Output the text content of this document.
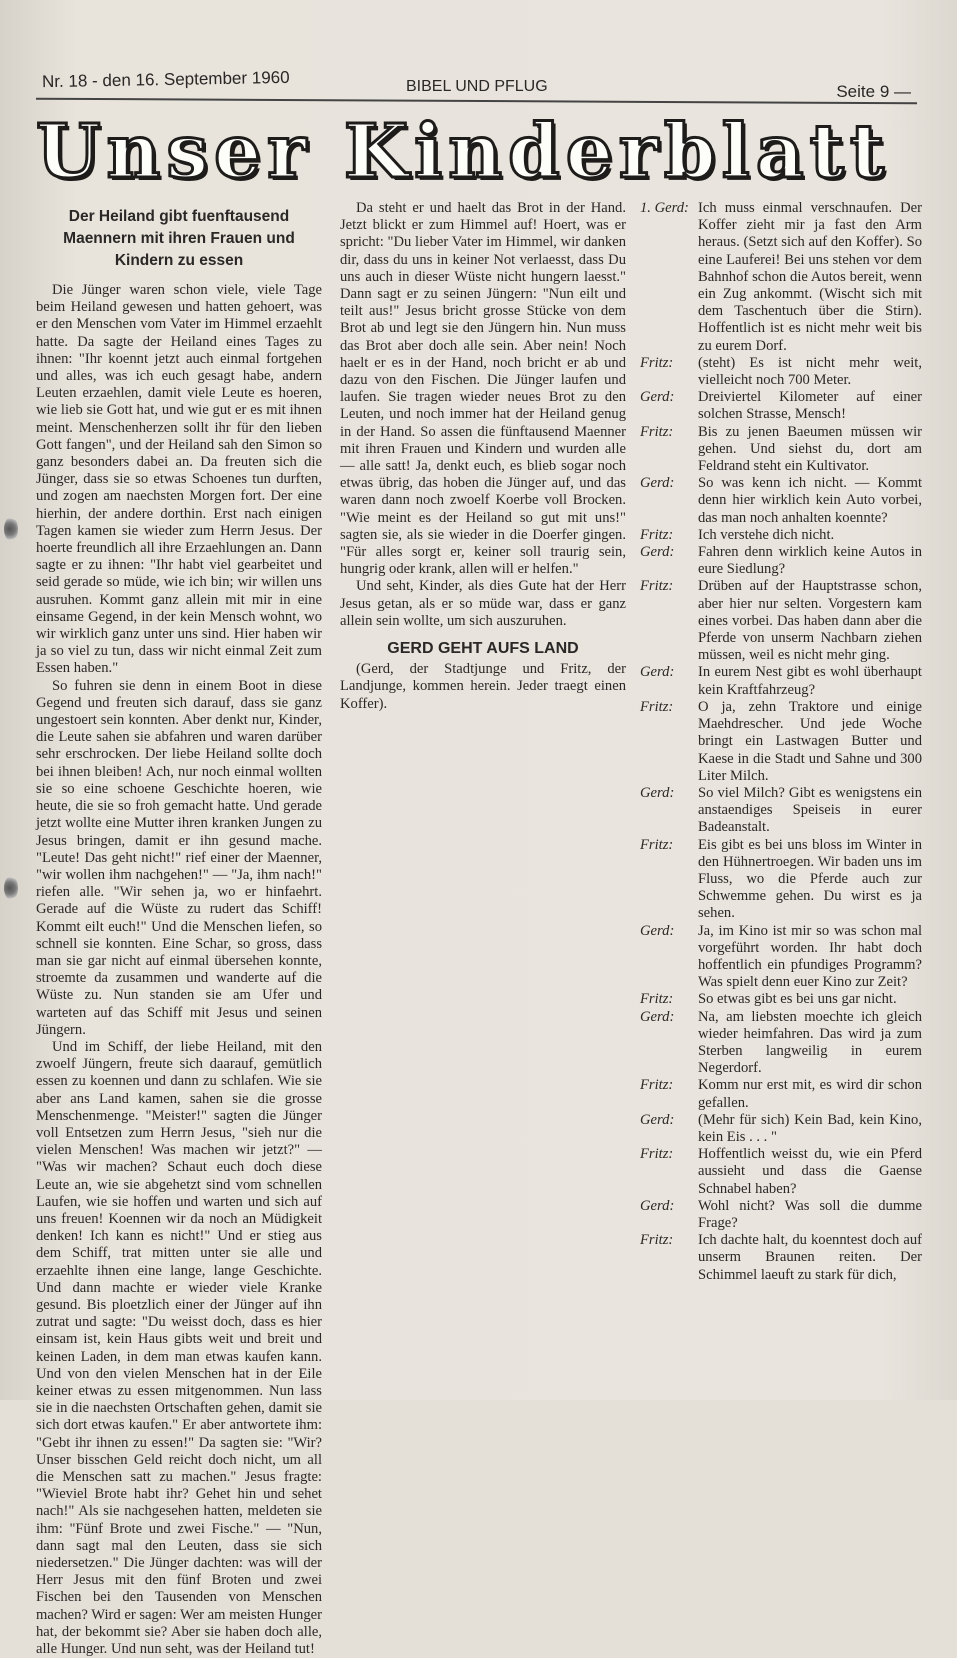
Nr. 18 - den 16. September 1960	BIBEL UND PFLUG	Seite 9 —
Unser Kinderblatt
Der Heiland gibt fuenftausend Maennern mit ihren Frauen und Kindern zu essen

Die Jünger waren schon viele, viele Tage beim Heiland gewesen und hatten gehoert, was er den Menschen vom Vater im Himmel erzaehlt hatte. Da sagte der Heiland eines Tages zu ihnen: "Ihr koennt jetzt auch einmal fortgehen und alles, was ich euch gesagt habe, andern Leuten erzaehlen, damit viele Leute es hoeren, wie lieb sie Gott hat, und wie gut er es mit ihnen meint. Menschenherzen sollt ihr für den lieben Gott fangen", und der Heiland sah den Simon so ganz besonders dabei an. Da freuten sich die Jünger, dass sie so etwas Schoenes tun durften, und zogen am naechsten Morgen fort. Der eine hierhin, der andere dorthin. Erst nach einigen Tagen kamen sie wieder zum Herrn Jesus. Der hoerte freundlich all ihre Erzaehlungen an. Dann sagte er zu ihnen: "Ihr habt viel gearbeitet und seid gerade so müde, wie ich bin; wir willen uns ausruhen. Kommt ganz allein mit mir in eine einsame Gegend, in der kein Mensch wohnt, wo wir wirklich ganz unter uns sind. Hier haben wir ja so viel zu tun, dass wir nicht einmal Zeit zum Essen haben."

So fuhren sie denn in einem Boot in diese Gegend und freuten sich darauf, dass sie ganz ungestoert sein konnten. Aber denkt nur, Kinder, die Leute sahen sie abfahren und waren darüber sehr erschrocken. Der liebe Heiland sollte doch bei ihnen bleiben! Ach, nur noch einmal wollten sie so eine schoene Geschichte hoeren, wie heute, die sie so froh gemacht hatte. Und gerade jetzt wollte eine Mutter ihren kranken Jungen zu Jesus bringen, damit er ihn gesund mache. "Leute! Das geht nicht!" rief einer der Maenner, "wir wollen ihm nachgehen!" — "Ja, ihm nach!" riefen alle. "Wir sehen ja, wo er hinfaehrt. Gerade auf die Wüste zu rudert das Schiff! Kommt eilt euch!" Und die Menschen liefen, so schnell sie konnten. Eine Schar, so gross, dass man sie gar nicht auf einmal übersehen konnte, stroemte da zusammen und wanderte auf die Wüste zu. Nun standen sie am Ufer und warteten auf das Schiff mit Jesus und seinen Jüngern.

Und im Schiff, der liebe Heiland, mit den zwoelf Jüngern, freute sich daarauf, gemütlich essen zu koennen und dann zu schlafen. Wie sie aber ans Land kamen, sahen sie die grosse Menschenmenge. "Meister!" sagten die Jünger voll Entsetzen zum Herrn Jesus, "sieh nur die vielen Menschen! Was machen wir jetzt?" — "Was wir machen? Schaut euch doch diese Leute an, wie sie abgehetzt sind vom schnellen Laufen, wie sie hoffen und warten und sich auf uns freuen! Koennen wir da noch an Müdigkeit denken! Ich kann es nicht!" Und er stieg aus dem Schiff, trat mitten unter sie alle und erzaehlte ihnen eine lange, lange Geschichte. Und dann machte er wieder viele Kranke gesund. Bis ploetzlich einer der Jünger auf ihn zutrat und sagte: "Du weisst doch, dass es hier einsam ist, kein Haus gibts weit und breit und keinen Laden, in dem man etwas kaufen kann. Und von den vielen Menschen hat in der Eile keiner etwas zu essen mitgenommen. Nun lass sie in die naechsten Ortschaften gehen, damit sie sich dort etwas kaufen." Er aber antwortete ihm: "Gebt ihr ihnen zu essen!" Da sagten sie: "Wir? Unser bisschen Geld reicht doch nicht, um all die Menschen satt zu machen." Jesus fragte: "Wieviel Brote habt ihr? Gehet hin und sehet nach!" Als sie nachgesehen hatten, meldeten sie ihm: "Fünf Brote und zwei Fische." — "Nun, dann sagt mal den Leuten, dass sie sich niedersetzen." Die Jünger dachten: was will der Herr Jesus mit den fünf Broten und zwei Fischen bei den Tausenden von Menschen machen? Wird er sagen: Wer am meisten Hunger hat, der bekommt sie? Aber sie haben doch alle, alle Hunger. Und nun seht, was der Heiland tut!

Da steht er und haelt das Brot in der Hand. Jetzt blickt er zum Himmel auf! Hoert, was er spricht: "Du lieber Vater im Himmel, wir danken dir, dass du uns in keiner Not verlaesst, dass Du uns auch in dieser Wüste nicht hungern laesst." Dann sagt er zu seinen Jüngern: "Nun eilt und teilt aus!" Jesus bricht grosse Stücke von dem Brot ab und legt sie den Jüngern hin. Nun muss das Brot aber doch alle sein. Aber nein! Noch haelt er es in der Hand, noch bricht er ab und dazu von den Fischen. Die Jünger laufen und laufen. Sie tragen wieder neues Brot zu den Leuten, und noch immer hat der Heiland genug in der Hand. So assen die fünftausend Maenner mit ihren Frauen und Kindern und wurden alle — alle satt! Ja, denkt euch, es blieb sogar noch etwas übrig, das hoben die Jünger auf, und das waren dann noch zwoelf Koerbe voll Brocken. "Wie meint es der Heiland so gut mit uns!" sagten sie, als sie wieder in die Doerfer gingen. "Für alles sorgt er, keiner soll traurig sein, hungrig oder krank, allen will er helfen."

Und seht, Kinder, als dies Gute hat der Herr Jesus getan, als er so müde war, dass er ganz allein sein wollte, um sich auszuruhen.

GERD GEHT AUFS LAND

(Gerd, der Stadtjunge und Fritz, der Landjunge, kommen herein. Jeder traegt einen Koffer).

1. Gerd: Ich muss einmal verschnaufen. Der Koffer zieht mir ja fast den Arm heraus. (Setzt sich auf den Koffer). So eine Lauferei! Bei uns stehen vor dem Bahnhof schon die Autos bereit, wenn ein Zug ankommt. (Wischt sich mit dem Taschentuch über die Stirn). Hoffentlich ist es nicht mehr weit bis zu eurem Dorf.
Fritz:	(steht) Es ist nicht mehr weit, vielleicht noch 700 Meter.
Gerd:	Dreiviertel Kilometer auf einer solchen Strasse, Mensch!
Fritz:	Bis zu jenen Baeumen müssen wir gehen. Und siehst du, dort am Feldrand steht ein Kultivator.
Gerd:	So was kenn ich nicht. — Kommt denn hier wirklich kein Auto vorbei, das man noch anhalten koennte?
Fritz:	Ich verstehe dich nicht.
Gerd:	Fahren denn wirklich keine Autos in eure Siedlung?
Fritz:	Drüben auf der Hauptstrasse schon, aber hier nur selten. Vorgestern kam eines vorbei. Das haben dann aber die Pferde von unserm Nachbarn ziehen müssen, weil es nicht mehr ging.
Gerd:	In eurem Nest gibt es wohl überhaupt kein Kraftfahrzeug?
Fritz:	O ja, zehn Traktore und einige Maehdrescher. Und jede Woche bringt ein Lastwagen Butter und Kaese in die Stadt und Sahne und 300 Liter Milch.
Gerd:	So viel Milch? Gibt es wenigstens ein anstaendiges Speiseis in eurer Badeanstalt.
Fritz:	Eis gibt es bei uns bloss im Winter in den Hühnertroegen. Wir baden uns im Fluss, wo die Pferde auch zur Schwemme gehen. Du wirst es ja sehen.
Gerd:	Ja, im Kino ist mir so was schon mal vorgeführt worden. Ihr habt doch hoffentlich ein pfundiges Programm? Was spielt denn euer Kino zur Zeit?
Fritz:	So etwas gibt es bei uns gar nicht.
Gerd:	Na, am liebsten moechte ich gleich wieder heimfahren. Das wird ja zum Sterben langweilig in eurem Negerdorf.
Fritz:	Komm nur erst mit, es wird dir schon gefallen.
Gerd:	(Mehr für sich) Kein Bad, kein Kino, kein Eis . . . "
Fritz:	Hoffentlich weisst du, wie ein Pferd aussieht und dass die Gaense Schnabel haben?
Gerd:	Wohl nicht? Was soll die dumme Frage?
Fritz:	Ich dachte halt, du koenntest doch auf unserm Braunen reiten. Der Schimmel laeuft zu stark für dich,
